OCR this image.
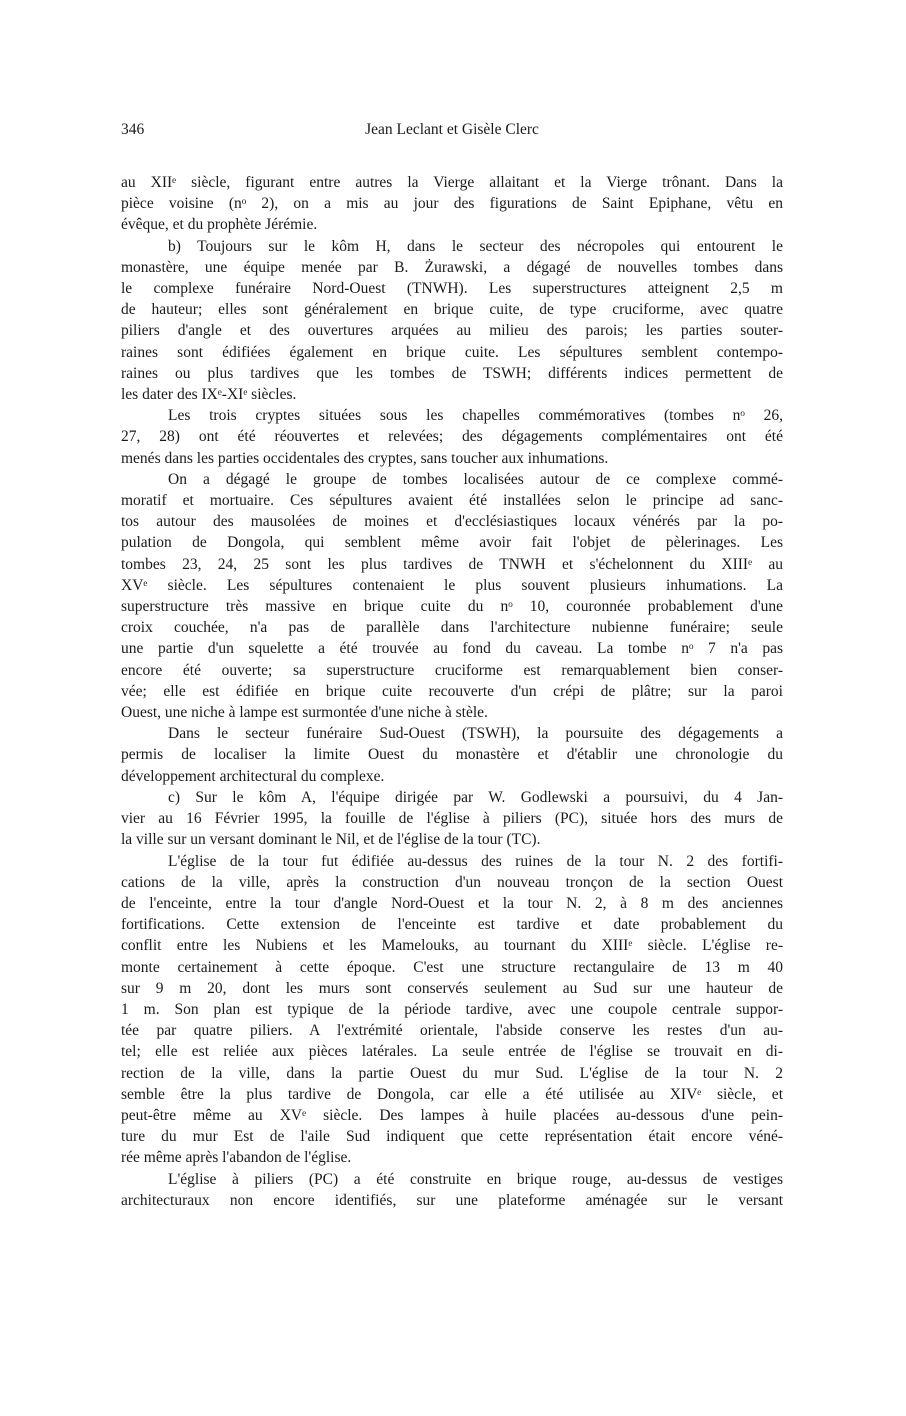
346	Jean Leclant et Gisèle Clerc

au XIIᵉ siècle, figurant entre autres la Vierge allaitant et la Vierge trônant. Dans la
pièce voisine (nᵒ 2), on a mis au jour des figurations de Saint Epiphane, vêtu en
évêque, et du prophète Jérémie.

b) Toujours sur le kôm H, dans le secteur des nécropoles qui entourent le
monastère, une équipe menée par B. Żurawski, a dégagé de nouvelles tombes dans
le complexe funéraire Nord-Ouest (TNWH). Les superstructures atteignent 2,5 m
de hauteur; elles sont généralement en brique cuite, de type cruciforme, avec quatre
piliers d'angle et des ouvertures arquées au milieu des parois; les parties souter-
raines sont édifiées également en brique cuite. Les sépultures semblent contempo-
raines ou plus tardives que les tombes de TSWH; différents indices permettent de
les dater des IXᵉ-XIᵉ siècles.

Les trois cryptes situées sous les chapelles commémoratives (tombes nᵒ 26,
27, 28) ont été réouvertes et relevées; des dégagements complémentaires ont été
menés dans les parties occidentales des cryptes, sans toucher aux inhumations.

On a dégagé le groupe de tombes localisées autour de ce complexe commé-
moratif et mortuaire. Ces sépultures avaient été installées selon le principe ad sanc-
tos autour des mausolées de moines et d'ecclésiastiques locaux vénérés par la po-
pulation de Dongola, qui semblent même avoir fait l'objet de pèlerinages. Les
tombes 23, 24, 25 sont les plus tardives de TNWH et s'échelonnent du XIIIᵉ au
XVᵉ siècle. Les sépultures contenaient le plus souvent plusieurs inhumations. La
superstructure très massive en brique cuite du nᵒ 10, couronnée probablement d'une
croix couchée, n'a pas de parallèle dans l'architecture nubienne funéraire; seule
une partie d'un squelette a été trouvée au fond du caveau. La tombe nᵒ 7 n'a pas
encore été ouverte; sa superstructure cruciforme est remarquablement bien conser-
vée; elle est édifiée en brique cuite recouverte d'un crépi de plâtre; sur la paroi
Ouest, une niche à lampe est surmontée d'une niche à stèle.

Dans le secteur funéraire Sud-Ouest (TSWH), la poursuite des dégagements a
permis de localiser la limite Ouest du monastère et d'établir une chronologie du
développement architectural du complexe.

c) Sur le kôm A, l'équipe dirigée par W. Godlewski a poursuivi, du 4 Jan-
vier au 16 Février 1995, la fouille de l'église à piliers (PC), située hors des murs de
la ville sur un versant dominant le Nil, et de l'église de la tour (TC).

L'église de la tour fut édifiée au-dessus des ruines de la tour N. 2 des fortifi-
cations de la ville, après la construction d'un nouveau tronçon de la section Ouest
de l'enceinte, entre la tour d'angle Nord-Ouest et la tour N. 2, à 8 m des anciennes
fortifications. Cette extension de l'enceinte est tardive et date probablement du
conflit entre les Nubiens et les Mamelouks, au tournant du XIIIᵉ siècle. L'église re-
monte certainement à cette époque. C'est une structure rectangulaire de 13 m 40
sur 9 m 20, dont les murs sont conservés seulement au Sud sur une hauteur de
1 m. Son plan est typique de la période tardive, avec une coupole centrale suppor-
tée par quatre piliers. A l'extrémité orientale, l'abside conserve les restes d'un au-
tel; elle est reliée aux pièces latérales. La seule entrée de l'église se trouvait en di-
rection de la ville, dans la partie Ouest du mur Sud. L'église de la tour N. 2
semble être la plus tardive de Dongola, car elle a été utilisée au XIVᵉ siècle, et
peut-être même au XVᵉ siècle. Des lampes à huile placées au-dessous d'une pein-
ture du mur Est de l'aile Sud indiquent que cette représentation était encore véné-
rée même après l'abandon de l'église.

L'église à piliers (PC) a été construite en brique rouge, au-dessus de vestiges
architecturaux non encore identifiés, sur une plateforme aménagée sur le versant
